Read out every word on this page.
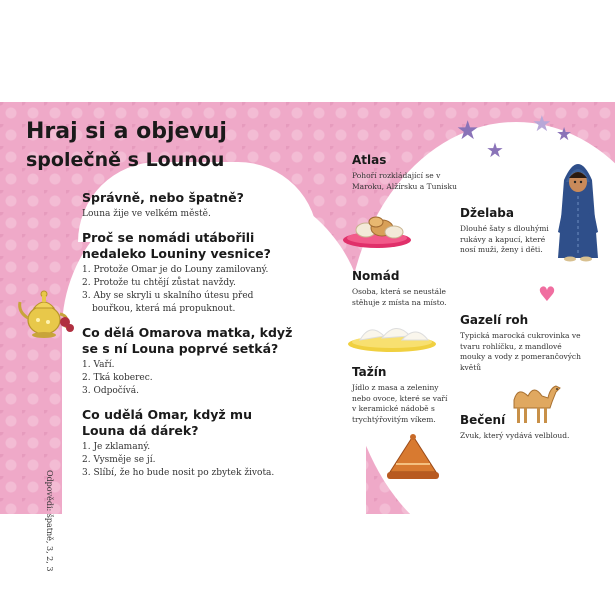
Hraj si a objevuj
společně s Lounou
Správně, nebo špatně?
Louna žije ve velkém městě.
Proč se nomádi utábořili nedaleko Louniny vesnice?
1. Protože Omar je do Louny zamilovaný.
2. Protože tu chtějí zůstat navždy.
3. Aby se skryli u skalního útesu před bouřkou, která má propuknout.
Co dělá Omarova matka, když se s ní Louna poprvé setká?
1. Vaří.
2. Tká koberec.
3. Odpočívá.
Co udělá Omar, když mu Louna dá dárek?
1. Je zklamaný.
2. Vysměje se jí.
3. Slíbí, že ho bude nosit po zbytek života.
Odpovědi: špatně, 3, 2, 3
★
★
★ ★
♥
Atlas
Pohoří rozkládající se v Maroku, Alžírsku a Tunisku
Dželaba
Dlouhé šaty s dlouhými rukávy a kapucí, které nosí muži, ženy i děti.
Nomád
Osoba, která se neustále stěhuje z místa na místo.
Gazelí roh
Typická marocká cukrovinka ve tvaru rohlíčku, z mandlové mouky a vody z pomerančových květů
Tažín
Jídlo z masa a zeleniny nebo ovoce, které se vaří v keramické nádobě s trychtýřovitým víkem.	Bečení
Zvuk, který vydává velbloud.
